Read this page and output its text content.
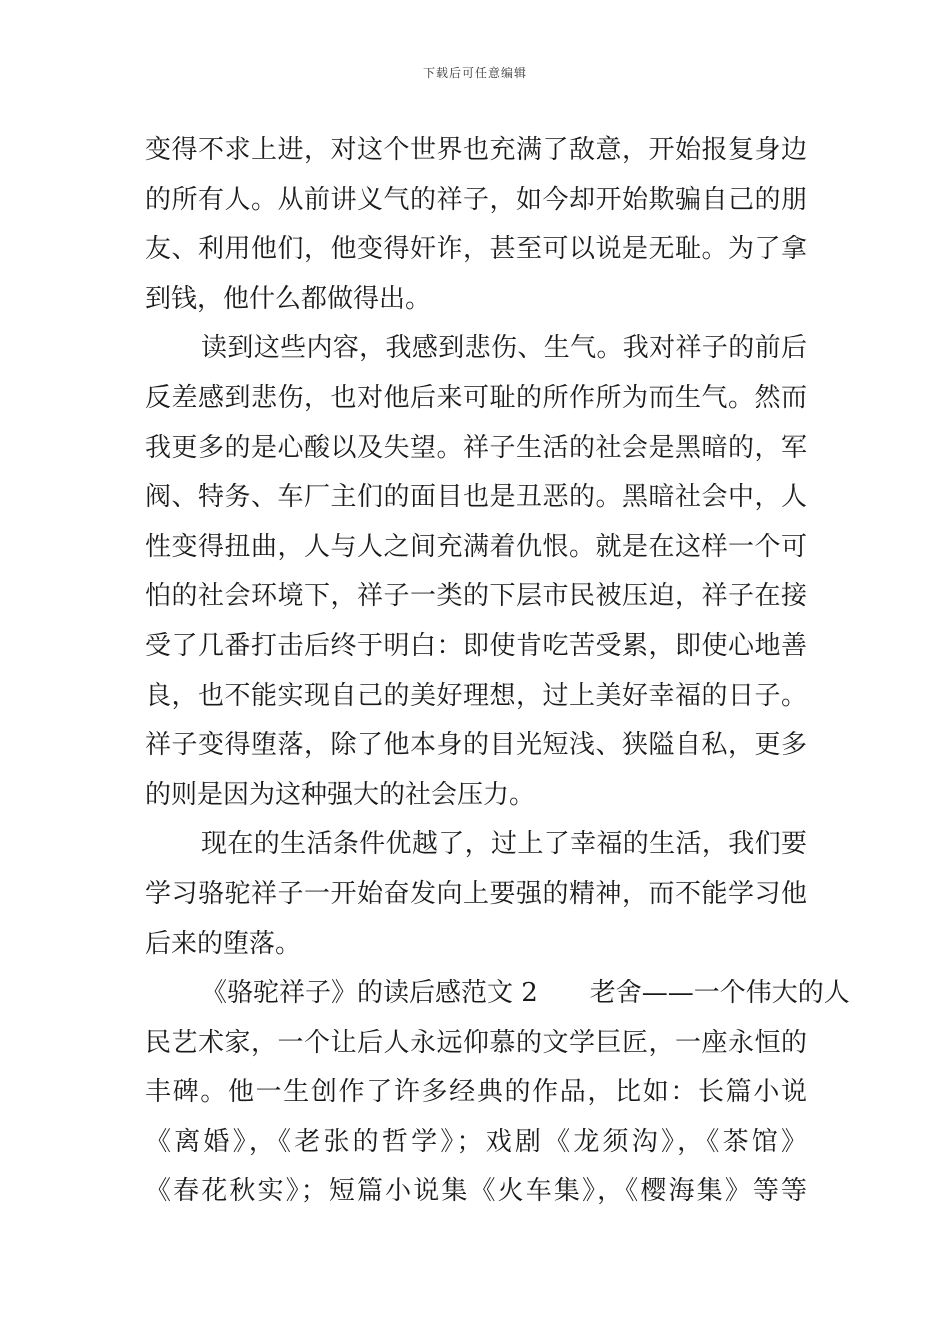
下载后可任意编辑
变得不求上进，对这个世界也充满了敌意，开始报复身边
的所有人。从前讲义气的祥子，如今却开始欺骗自己的朋
友、利用他们，他变得奸诈，甚至可以说是无耻。为了拿
到钱，他什么都做得出。
读到这些内容，我感到悲伤、生气。我对祥子的前后
反差感到悲伤，也对他后来可耻的所作所为而生气。然而
我更多的是心酸以及失望。祥子生活的社会是黑暗的，军
阀、特务、车厂主们的面目也是丑恶的。黑暗社会中，人
性变得扭曲，人与人之间充满着仇恨。就是在这样一个可
怕的社会环境下，祥子一类的下层市民被压迫，祥子在接
受了几番打击后终于明白：即使肯吃苦受累，即使心地善
良，也不能实现自己的美好理想，过上美好幸福的日子。
祥子变得堕落，除了他本身的目光短浅、狭隘自私，更多
的则是因为这种强大的社会压力。
现在的生活条件优越了，过上了幸福的生活，我们要
学习骆驼祥子一开始奋发向上要强的精神，而不能学习他
后来的堕落。
《骆驼祥子》的读后感范文 2　　老舍——一个伟大的人
民艺术家，一个让后人永远仰慕的文学巨匠，一座永恒的
丰碑。他一生创作了许多经典的作品，比如：长篇小说
《离婚》，《老张的哲学》；戏剧《龙须沟》，《茶馆》
《春花秋实》；短篇小说集《火车集》，《樱海集》等等
